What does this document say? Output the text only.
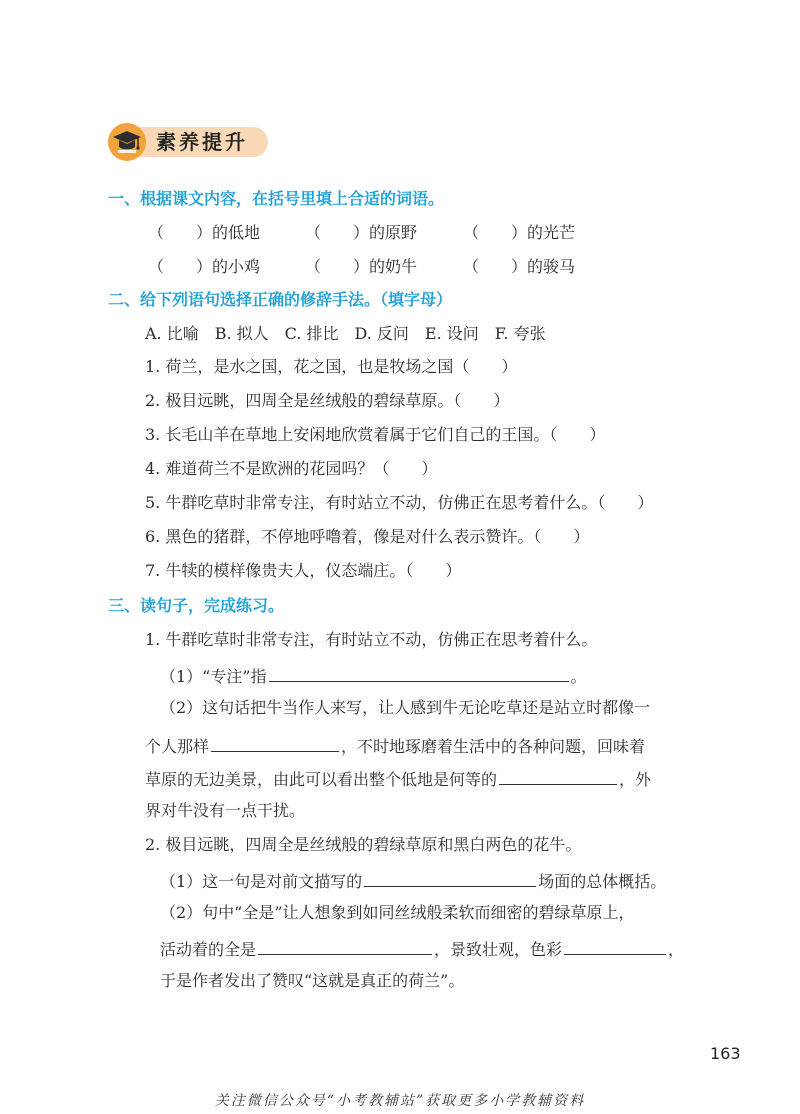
素养提升
一、根据课文内容，在括号里填上合适的词语。
（　　）的低地	（　　）的原野	（　　）的光芒
（　　）的小鸡	（　　）的奶牛	（　　）的骏马
二、给下列语句选择正确的修辞手法。（填字母）
A. 比喻　B. 拟人　C. 排比　D. 反问　E. 设问　F. 夸张
1. 荷兰，是水之国，花之国，也是牧场之国（　　）
2. 极目远眺，四周全是丝绒般的碧绿草原。（　　）
3. 长毛山羊在草地上安闲地欣赏着属于它们自己的王国。（　　）
4. 难道荷兰不是欧洲的花园吗？（　　）
5. 牛群吃草时非常专注，有时站立不动，仿佛正在思考着什么。（　　）
6. 黑色的猪群，不停地呼噜着，像是对什么表示赞许。（　　）
7. 牛犊的模样像贵夫人，仪态端庄。（　　）
三、读句子，完成练习。
1. 牛群吃草时非常专注，有时站立不动，仿佛正在思考着什么。
（1）“专注”指	。
（2）这句话把牛当作人来写，让人感到牛无论吃草还是站立时都像一
个人那样	，不时地琢磨着生活中的各种问题，回味着
草原的无边美景，由此可以看出整个低地是何等的	，外
界对牛没有一点干扰。
2. 极目远眺，四周全是丝绒般的碧绿草原和黑白两色的花牛。
（1）这一句是对前文描写的	场面的总体概括。
（2）句中“全是”让人想象到如同丝绒般柔软而细密的碧绿草原上，
活动着的全是	，景致壮观，色彩	，
于是作者发出了赞叹“这就是真正的荷兰”。
163
关注微信公众号“小考教辅站”获取更多小学教辅资料
